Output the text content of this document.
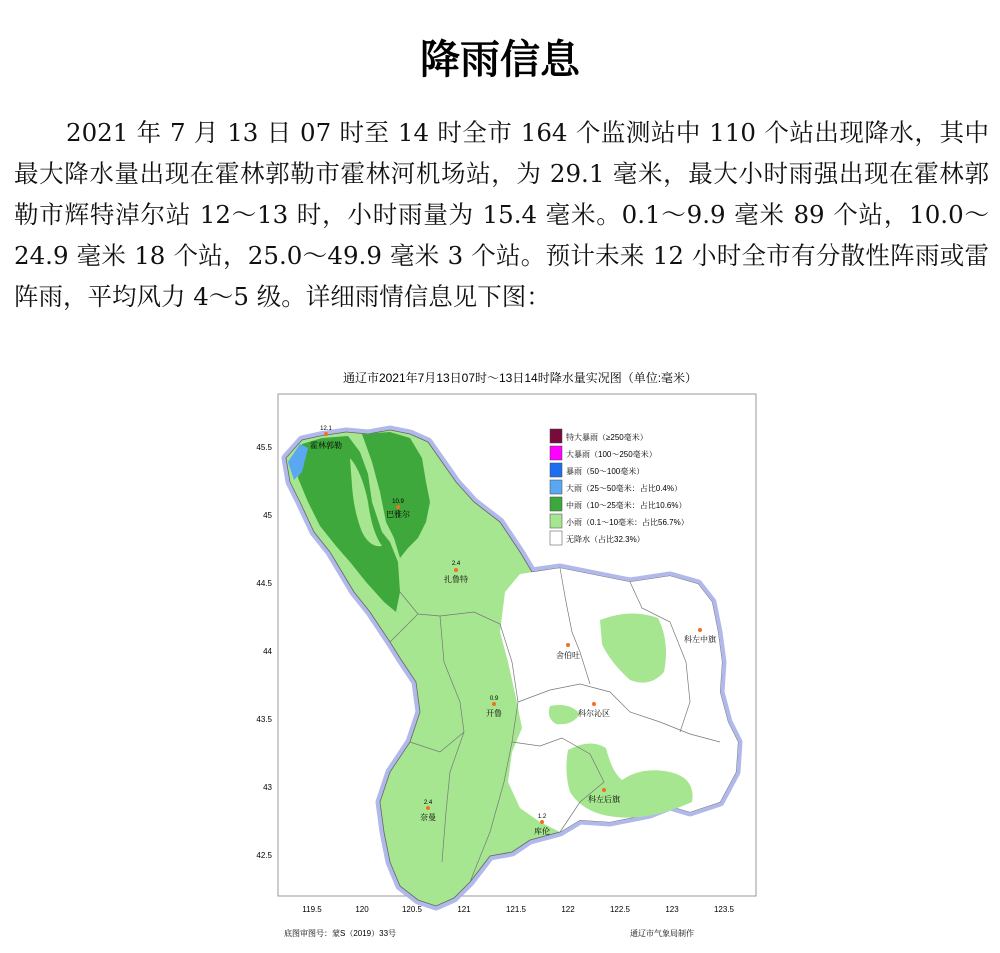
降雨信息

2021 年 7 月 13 日 07 时至 14 时全市 164 个监测站中 110 个站出现降水，其中最大降水量出现在霍林郭勒市霍林河机场站，为 29.1 毫米，最大小时雨强出现在霍林郭勒市辉特淖尔站 12～13 时，小时雨量为 15.4 毫米。0.1～9.9 毫米 89 个站，10.0～24.9 毫米 18 个站，25.0～49.9 毫米 3 个站。预计未来 12 小时全市有分散性阵雨或雷阵雨，平均风力 4～5 级。详细雨情信息见下图：

通辽市2021年7月13日07时～13日14时降水量实况图（单位:毫米）
45.5
45
44.5
44
43.5
43
42.5
119.5	120	120.5	121	121.5	122	122.5	123	123.5
特大暴雨（≥250毫米）
大暴雨（100～250毫米）
暴雨（50～100毫米）
大雨（25～50毫米：占比0.4%）
中雨（10～25毫米：占比10.6%）
小雨（0.1～10毫米：占比56.7%）
无降水（占比32.3%）
12.1
霍林郭勒
10.9
巴雅尔
2.4
扎鲁特
舍伯吐
科左中旗
0.9
开鲁	科尔沁区
科左后旗
2.4
奈曼	1.2
库伦
底图审图号：蒙S（2019）33号	通辽市气象局制作
